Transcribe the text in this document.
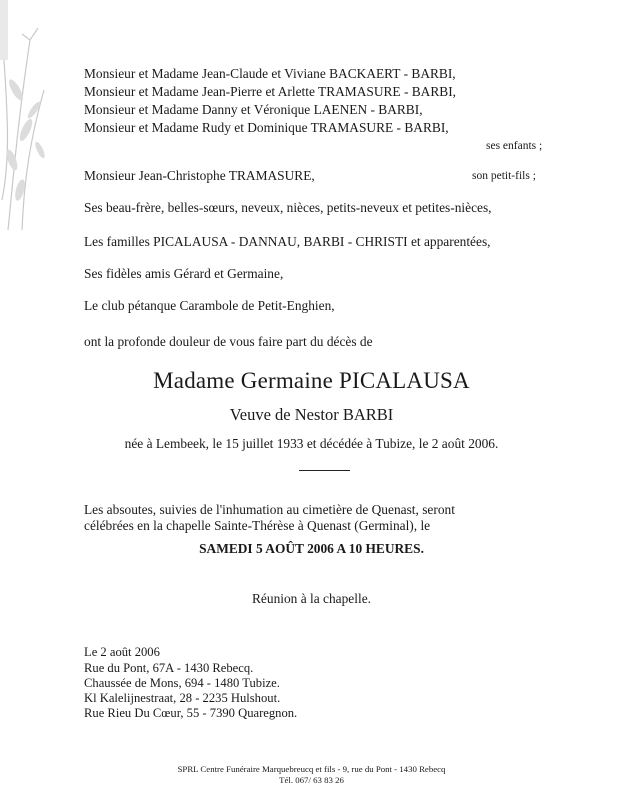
Monsieur et Madame Jean-Claude et Viviane BACKAERT - BARBI,
Monsieur et Madame Jean-Pierre et Arlette TRAMASURE - BARBI,
Monsieur et Madame Danny et Véronique LAENEN - BARBI,
Monsieur et Madame Rudy et Dominique TRAMASURE - BARBI,
ses enfants ;
Monsieur Jean-Christophe TRAMASURE,	son petit-fils ;
Ses beau-frère, belles-sœurs, neveux, nièces, petits-neveux et petites-nièces,
Les familles PICALAUSA - DANNAU, BARBI - CHRISTI et apparentées,
Ses fidèles amis Gérard et Germaine,
Le club pétanque Carambole de Petit-Enghien,
ont la profonde douleur de vous faire part du décès de
Madame Germaine PICALAUSA
Veuve de Nestor BARBI
née à Lembeek, le 15 juillet 1933 et décédée à Tubize, le 2 août 2006.
Les absoutes, suivies de l'inhumation au cimetière de Quenast, seront
célébrées en la chapelle Sainte-Thérèse à Quenast (Germinal), le
SAMEDI 5 AOÛT 2006 A 10 HEURES.
Réunion à la chapelle.
Le 2 août 2006
Rue du Pont, 67A - 1430 Rebecq.
Chaussée de Mons, 694 - 1480 Tubize.
Kl Kalelijnestraat, 28 - 2235 Hulshout.
Rue Rieu Du Cœur, 55 - 7390 Quaregnon.
SPRL Centre Funéraire Marquebreucq et fils - 9, rue du Pont - 1430 Rebecq
Tél. 067/ 63 83 26
